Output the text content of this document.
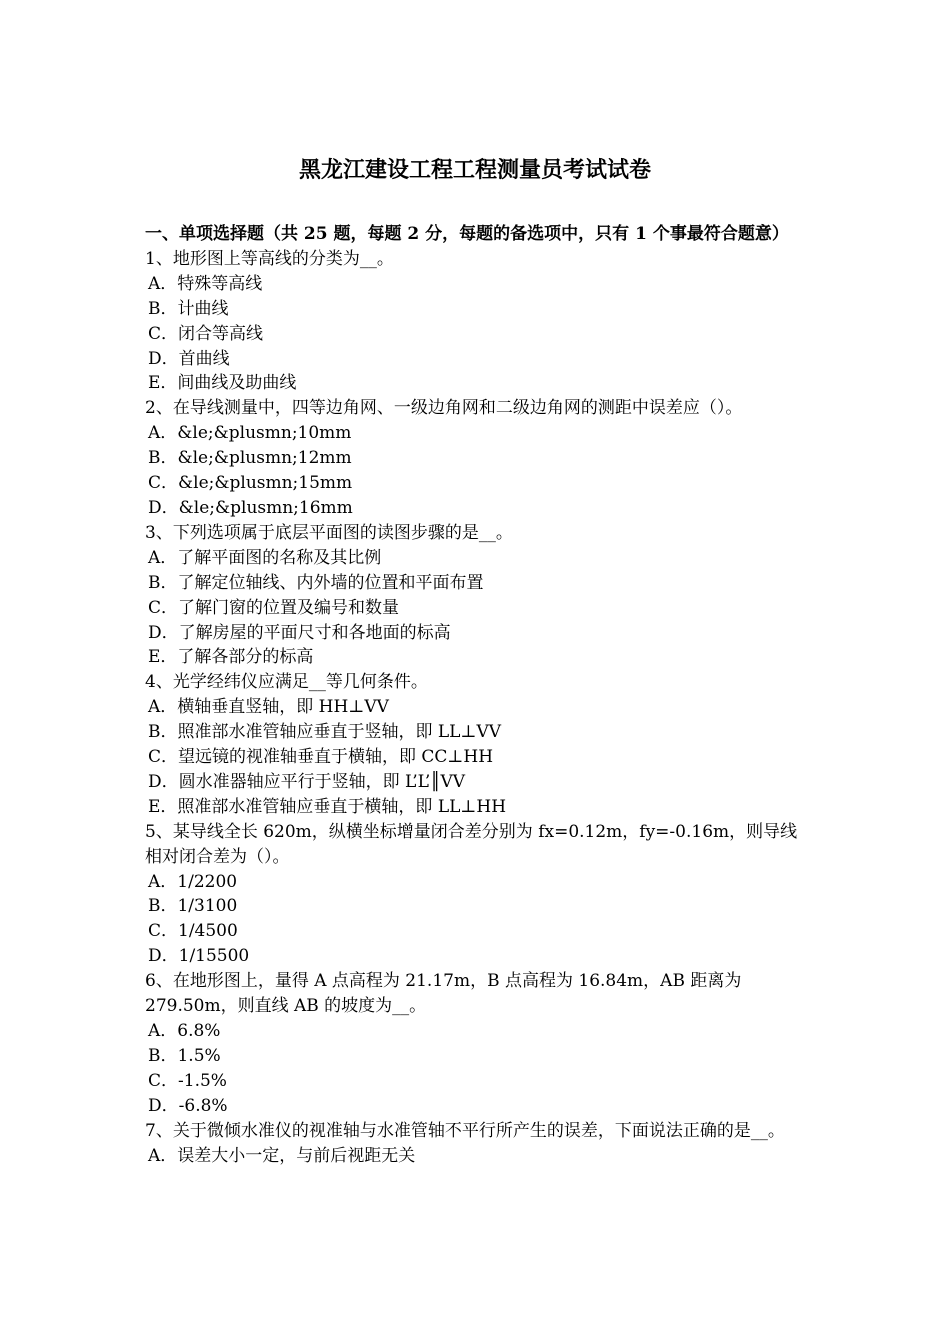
黑龙江建设工程工程测量员考试试卷
一、单项选择题（共 25 题，每题 2 分，每题的备选项中，只有 1 个事最符合题意）
1、地形图上等高线的分类为__。
A．特殊等高线
B．计曲线
C．闭合等高线
D．首曲线
E．间曲线及助曲线
2、在导线测量中，四等边角网、一级边角网和二级边角网的测距中误差应（）。
A．&le;&plusmn;10mm
B．&le;&plusmn;12mm
C．&le;&plusmn;15mm
D．&le;&plusmn;16mm
3、下列选项属于底层平面图的读图步骤的是__。
A．了解平面图的名称及其比例
B．了解定位轴线、内外墙的位置和平面布置
C．了解门窗的位置及编号和数量
D．了解房屋的平面尺寸和各地面的标高
E．了解各部分的标高
4、光学经纬仪应满足__等几何条件。
A．横轴垂直竖轴，即 HH⊥VV
B．照准部水准管轴应垂直于竖轴，即 LL⊥VV
C．望远镜的视准轴垂直于横轴，即 CC⊥HH
D．圆水准器轴应平行于竖轴，即 L’L’║VV
E．照准部水准管轴应垂直于横轴，即 LL⊥HH
5、某导线全长 620m，纵横坐标增量闭合差分别为 fx=0.12m，fy=-0.16m，则导线相对闭合差为（）。
A．1/2200
B．1/3100
C．1/4500
D．1/15500
6、在地形图上，量得 A 点高程为 21.17m，B 点高程为 16.84m，AB 距离为 279.50m，则直线 AB 的坡度为__。
A．6.8%
B．1.5%
C．-1.5%
D．-6.8%
7、关于微倾水准仪的视准轴与水准管轴不平行所产生的误差，下面说法正确的是__。
A．误差大小一定，与前后视距无关
